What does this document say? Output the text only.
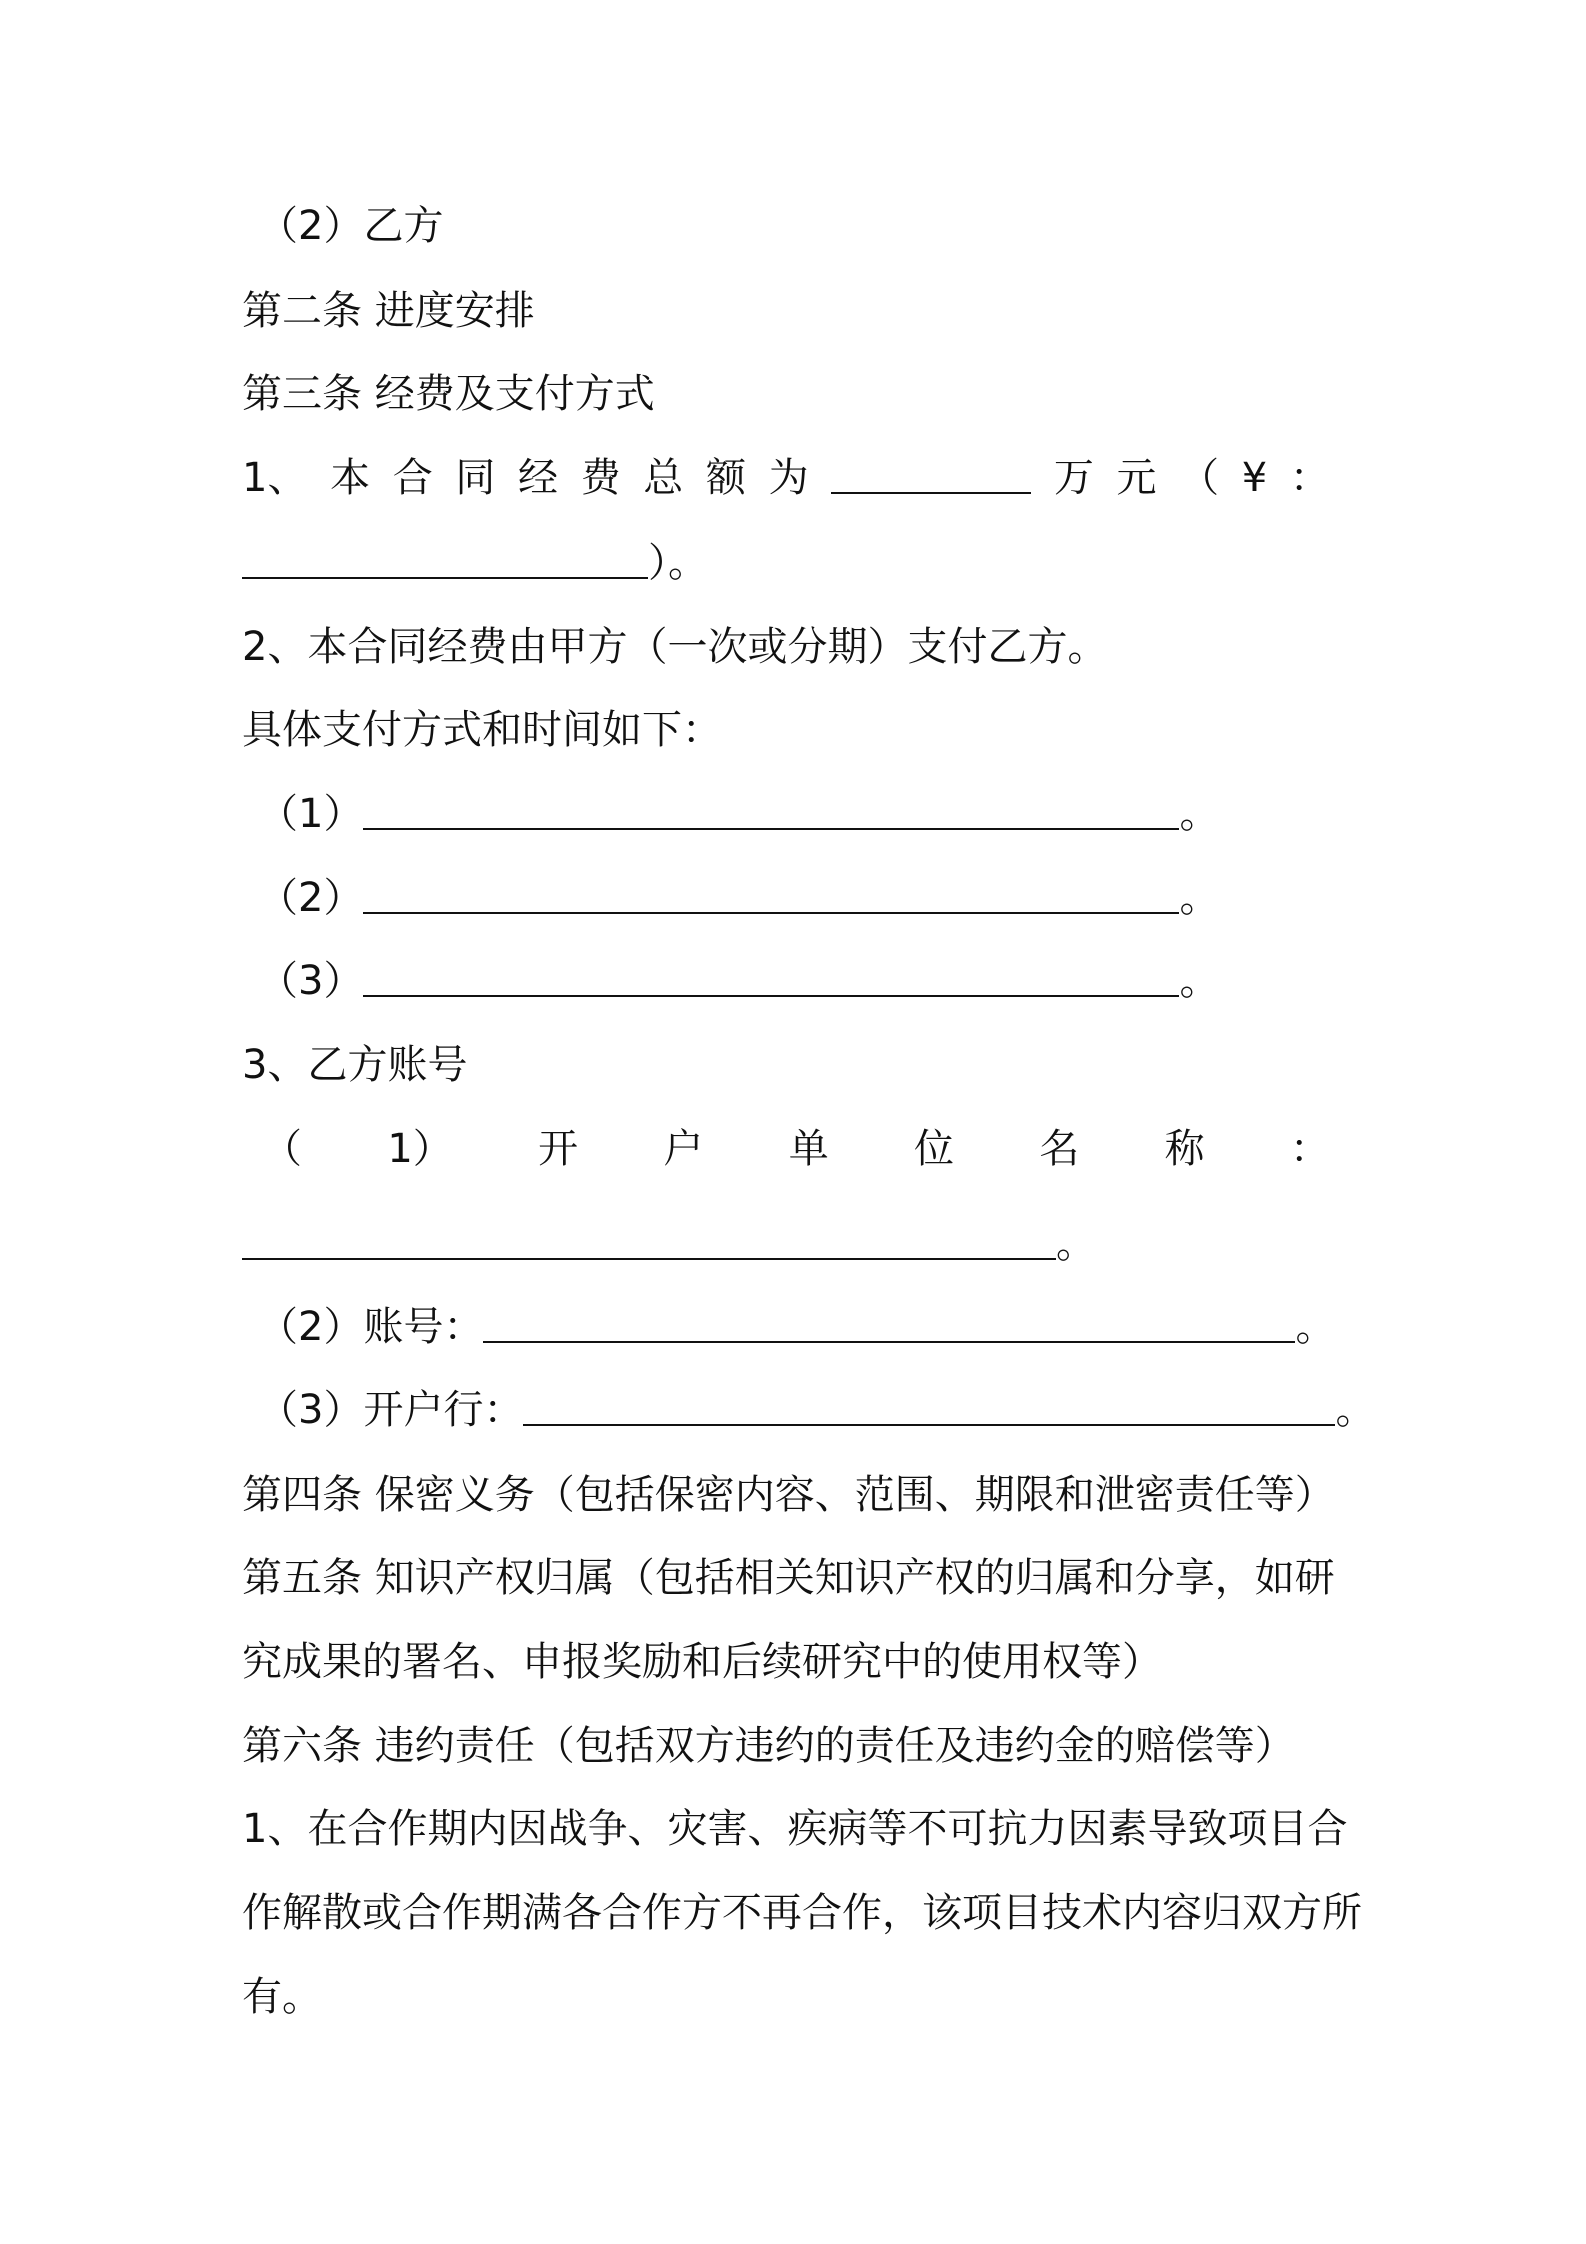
（2）乙方
第二条 进度安排
第三条 经费及支付方式
1、 本 合 同 经 费 总 额 为	万 元 （ ¥ ：
）。
2、本合同经费由甲方（一次或分期）支付乙方。
具体支付方式和时间如下：
（1）	。
（2）	。
（3）	。
3、乙方账号
（ 1） 开 户 单 位 名 称 ：
。
（2）账号：	。
（3）开户行：	。
第四条 保密义务（包括保密内容、范围、期限和泄密责任等）
第五条 知识产权归属（包括相关知识产权的归属和分享，如研
究成果的署名、申报奖励和后续研究中的使用权等）
第六条 违约责任（包括双方违约的责任及违约金的赔偿等）
1、在合作期内因战争、灾害、疾病等不可抗力因素导致项目合
作解散或合作期满各合作方不再合作，该项目技术内容归双方所
有。
